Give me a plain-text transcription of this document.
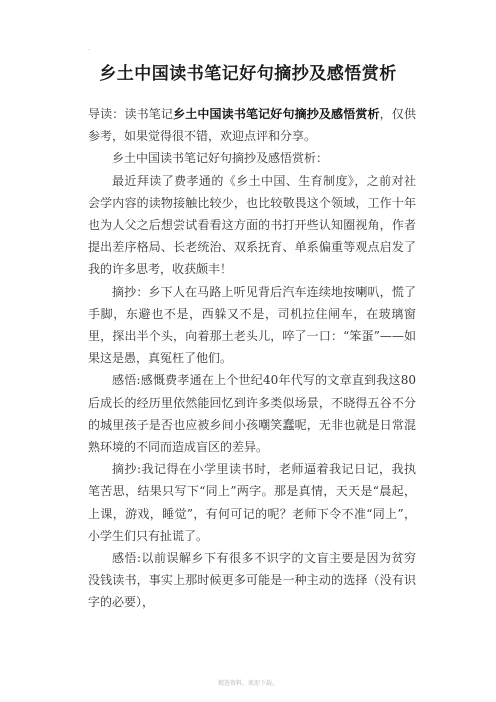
.
乡土中国读书笔记好句摘抄及感悟赏析

导读：读书笔记乡土中国读书笔记好句摘抄及感悟赏析，仅供参考，如果觉得很不错，欢迎点评和分享。

乡土中国读书笔记好句摘抄及感悟赏析：

最近拜读了费孝通的《乡土中国、生育制度》，之前对社会学内容的读物接触比较少，也比较敬畏这个领域，工作十年也为人父之后想尝试看看这方面的书打开些认知圈视角，作者提出差序格局、长老统治、双系抚育、单系偏重等观点启发了我的许多思考，收获颇丰！

摘抄：乡下人在马路上听见背后汽车连续地按喇叭，慌了手脚，东避也不是，西躲又不是，司机拉住闸车，在玻璃窗里，探出半个头，向着那土老头儿，啐了一口：“笨蛋”——如果这是愚，真冤枉了他们。

感悟:感慨费孝通在上个世纪40年代写的文章直到我这80后成长的经历里依然能回忆到许多类似场景，不晓得五谷不分的城里孩子是否也应被乡间小孩嘲笑蠢呢，无非也就是日常混熟环境的不同而造成盲区的差异。

摘抄:我记得在小学里读书时，老师逼着我记日记，我执笔苦思，结果只写下“同上”两字。那是真情，天天是“晨起，上课，游戏，睡觉”，有何可记的呢？老师下令不准“同上”，小学生们只有扯谎了。

感悟:以前误解乡下有很多不识字的文盲主要是因为贫穷没钱读书，事实上那时候更多可能是一种主动的选择（没有识字的必要），

精选资料，欢迎下载。
